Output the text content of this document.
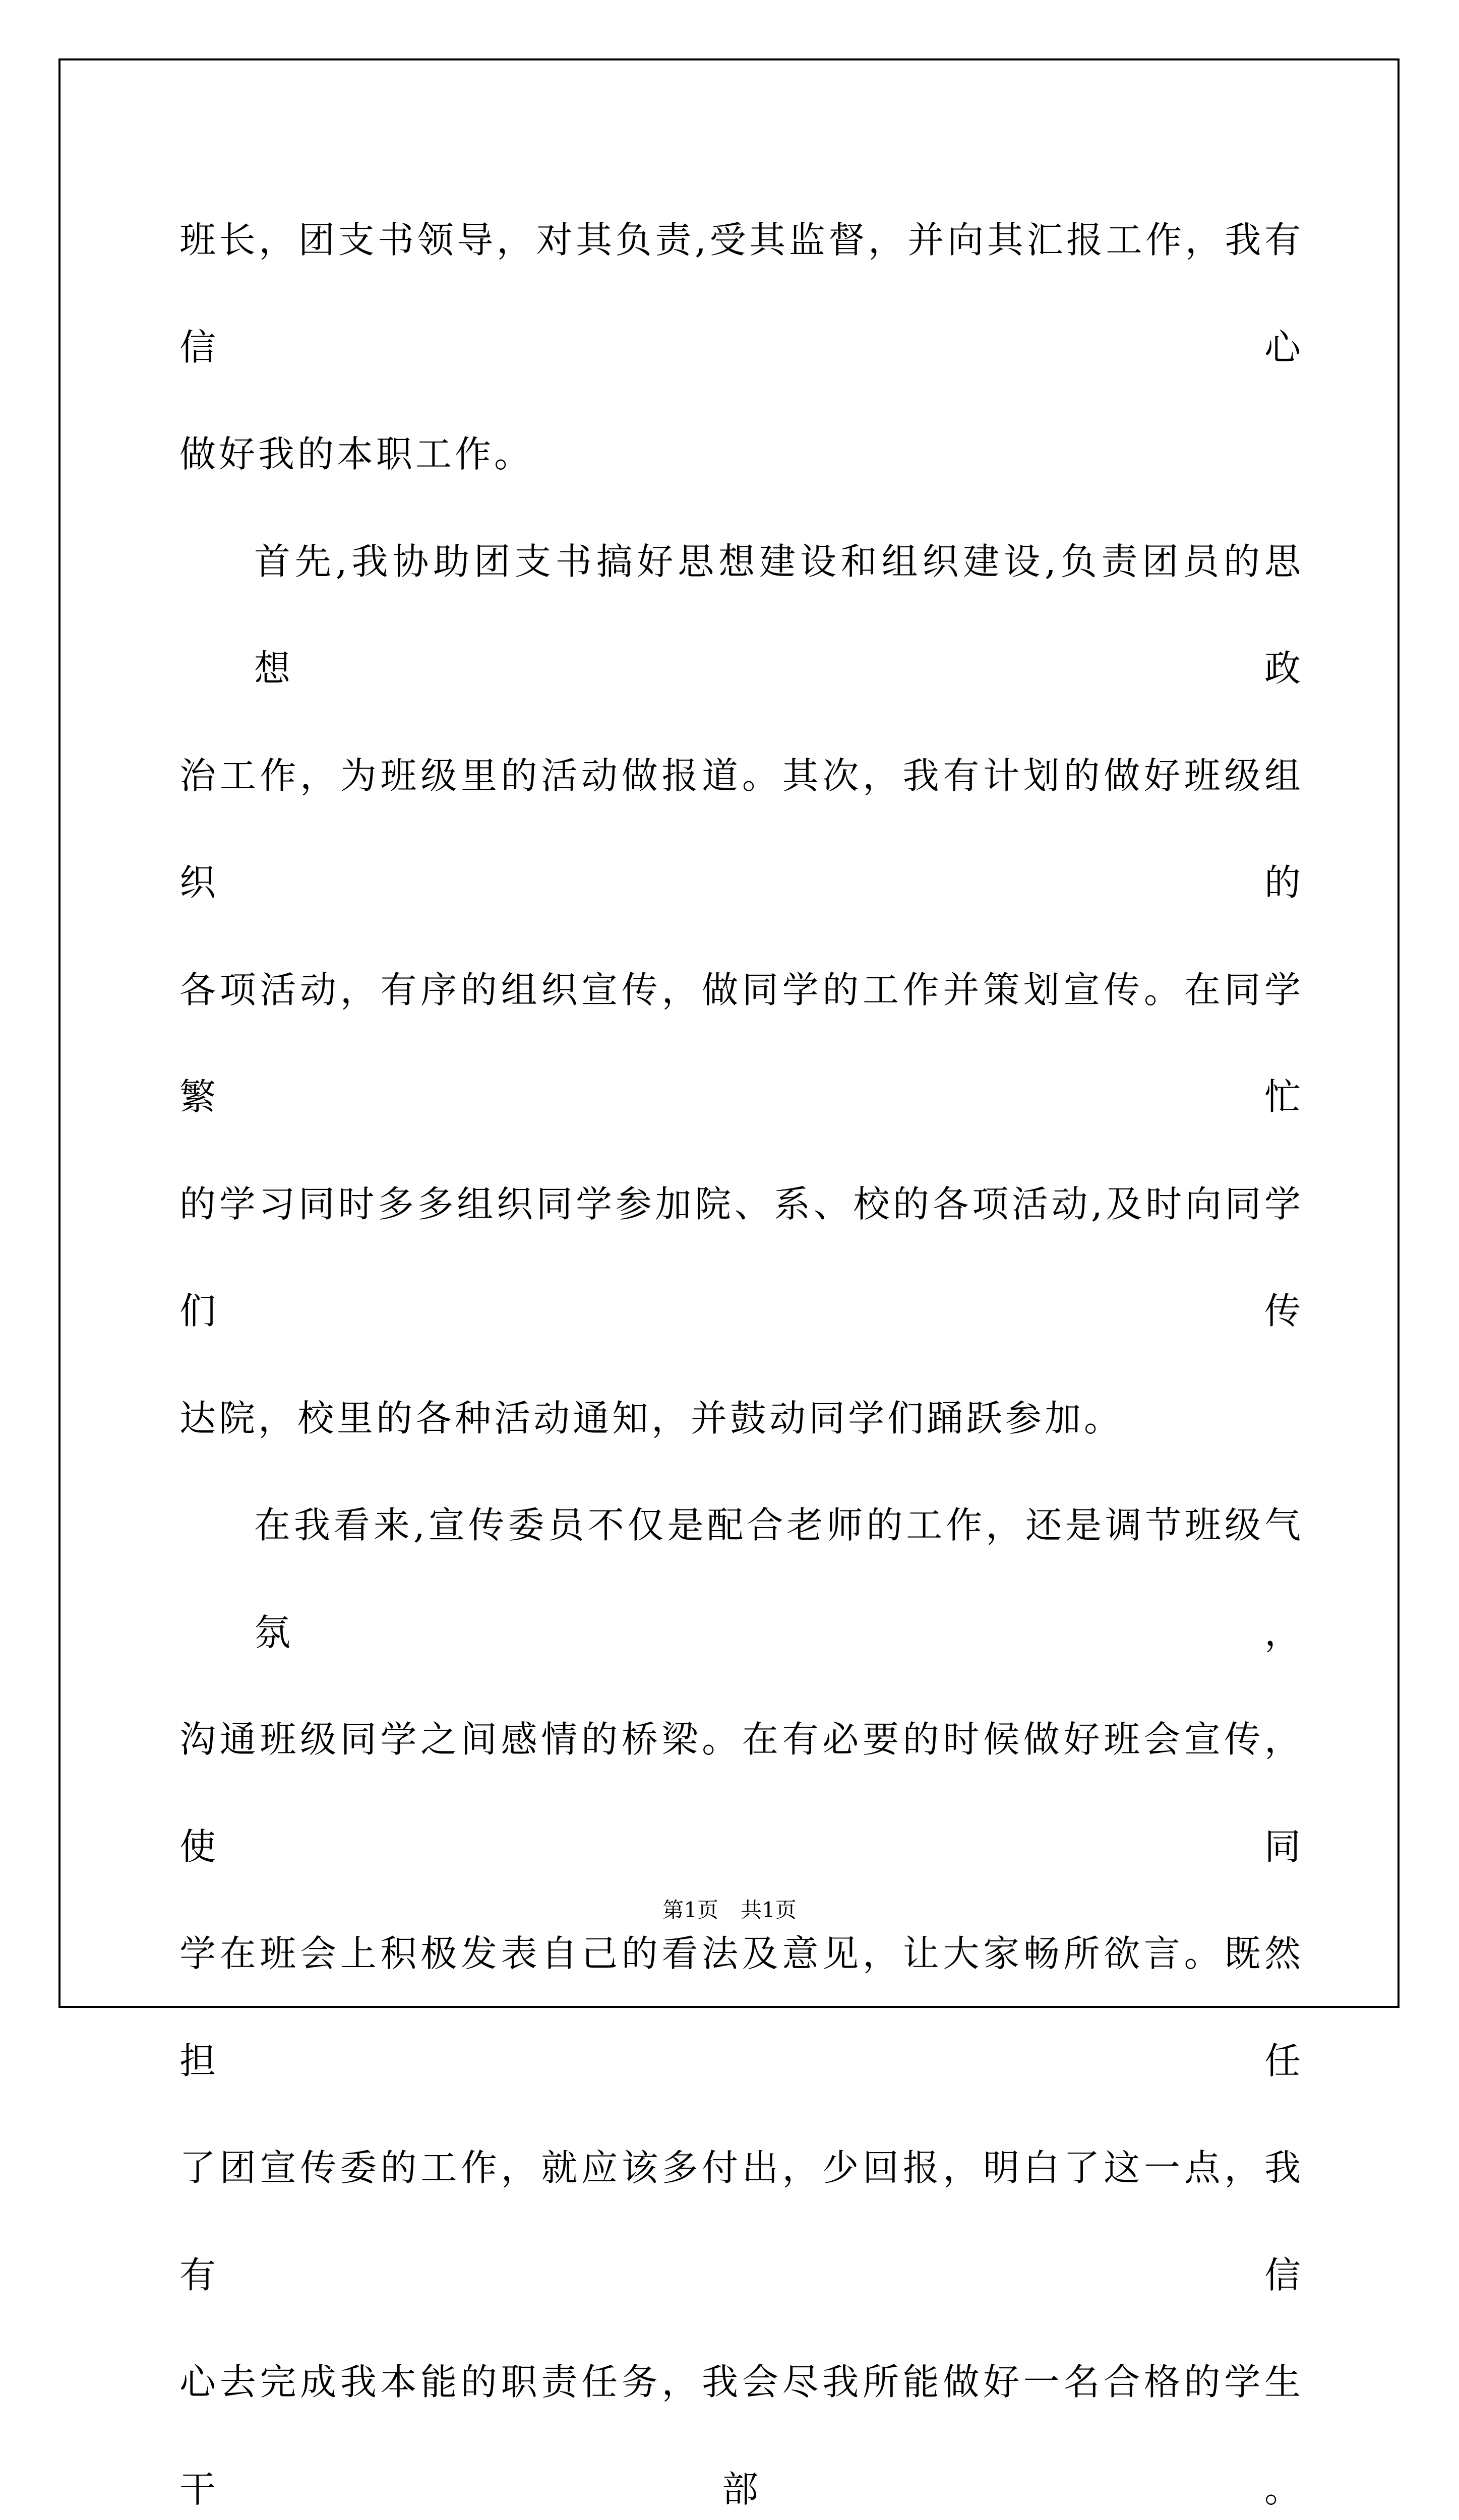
班长，团支书领导，对其负责,受其监督，并向其汇报工作，我有信心

做好我的本职工作。

首先,我协助团支书搞好思想建设和组织建设,负责团员的思想政

治工作，为班级里的活动做报道。其次，我有计划的做好班级组织的

各项活动，有序的组织宣传，做同学的工作并策划宣传。在同学繁忙

的学习同时多多组织同学参加院、系、校的各项活动,及时向同学们传

达院，校里的各种活动通知，并鼓动同学们踊跃参加。

在我看来,宣传委员不仅是配合老师的工作，还是调节班级气氛，

沟通班级同学之间感情的桥梁。在有必要的时候做好班会宣传，使同

学在班会上积极发表自己的看法及意见，让大家畅所欲言。既然担任

了团宣传委的工作，就应该多付出，少回报，明白了这一点，我有信

心去完成我本能的职责任务，我会尽我所能做好一名合格的学生干部。

第1页 共1页
